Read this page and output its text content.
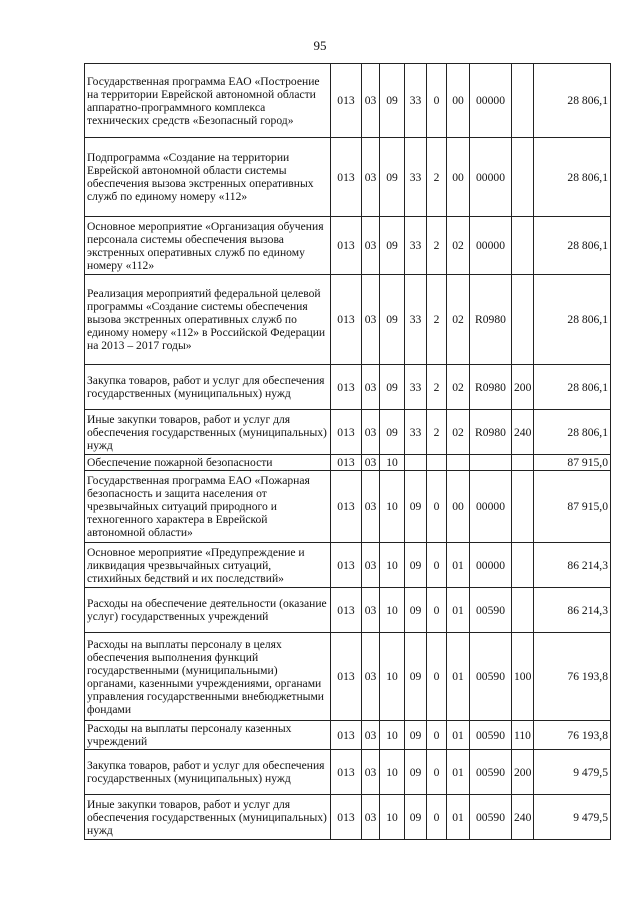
95
Государственная программа ЕАО «Построение на территории Еврейской автономной области аппаратно-программного комплекса технических средств «Безопасный город»	013	03	09	33	0	00	00000		28 806,1
Подпрограмма «Создание на территории Еврейской автономной области системы обеспечения вызова экстренных оперативных служб по единому номеру «112»	013	03	09	33	2	00	00000		28 806,1
Основное мероприятие «Организация обучения персонала системы обеспечения вызова экстренных оперативных служб по единому номеру «112»	013	03	09	33	2	02	00000		28 806,1
Реализация мероприятий федеральной целевой программы «Создание системы обеспечения вызова экстренных оперативных служб по единому номеру «112» в Российской Федерации на 2013 – 2017 годы»	013	03	09	33	2	02	R0980		28 806,1
Закупка товаров, работ и услуг для обеспечения государственных (муниципальных) нужд	013	03	09	33	2	02	R0980	200	28 806,1
Иные закупки товаров, работ и услуг для обеспечения государственных (муниципальных) нужд	013	03	09	33	2	02	R0980	240	28 806,1
Обеспечение пожарной безопасности	013	03	10						87 915,0
Государственная программа ЕАО «Пожарная безопасность и защита населения от чрезвычайных ситуаций природного и техногенного характера в Еврейской автономной области»	013	03	10	09	0	00	00000		87 915,0
Основное мероприятие «Предупреждение и ликвидация чрезвычайных ситуаций, стихийных бедствий и их последствий»	013	03	10	09	0	01	00000		86 214,3
Расходы на обеспечение деятельности (оказание услуг) государственных учреждений	013	03	10	09	0	01	00590		86 214,3
Расходы на выплаты персоналу в целях обеспечения выполнения функций государственными (муниципальными) органами, казенными учреждениями, органами управления государственными внебюджетными фондами	013	03	10	09	0	01	00590	100	76 193,8
Расходы на выплаты персоналу казенных учреждений	013	03	10	09	0	01	00590	110	76 193,8
Закупка товаров, работ и услуг для обеспечения государственных (муниципальных) нужд	013	03	10	09	0	01	00590	200	9 479,5
Иные закупки товаров, работ и услуг для обеспечения государственных (муниципальных) нужд	013	03	10	09	0	01	00590	240	9 479,5
